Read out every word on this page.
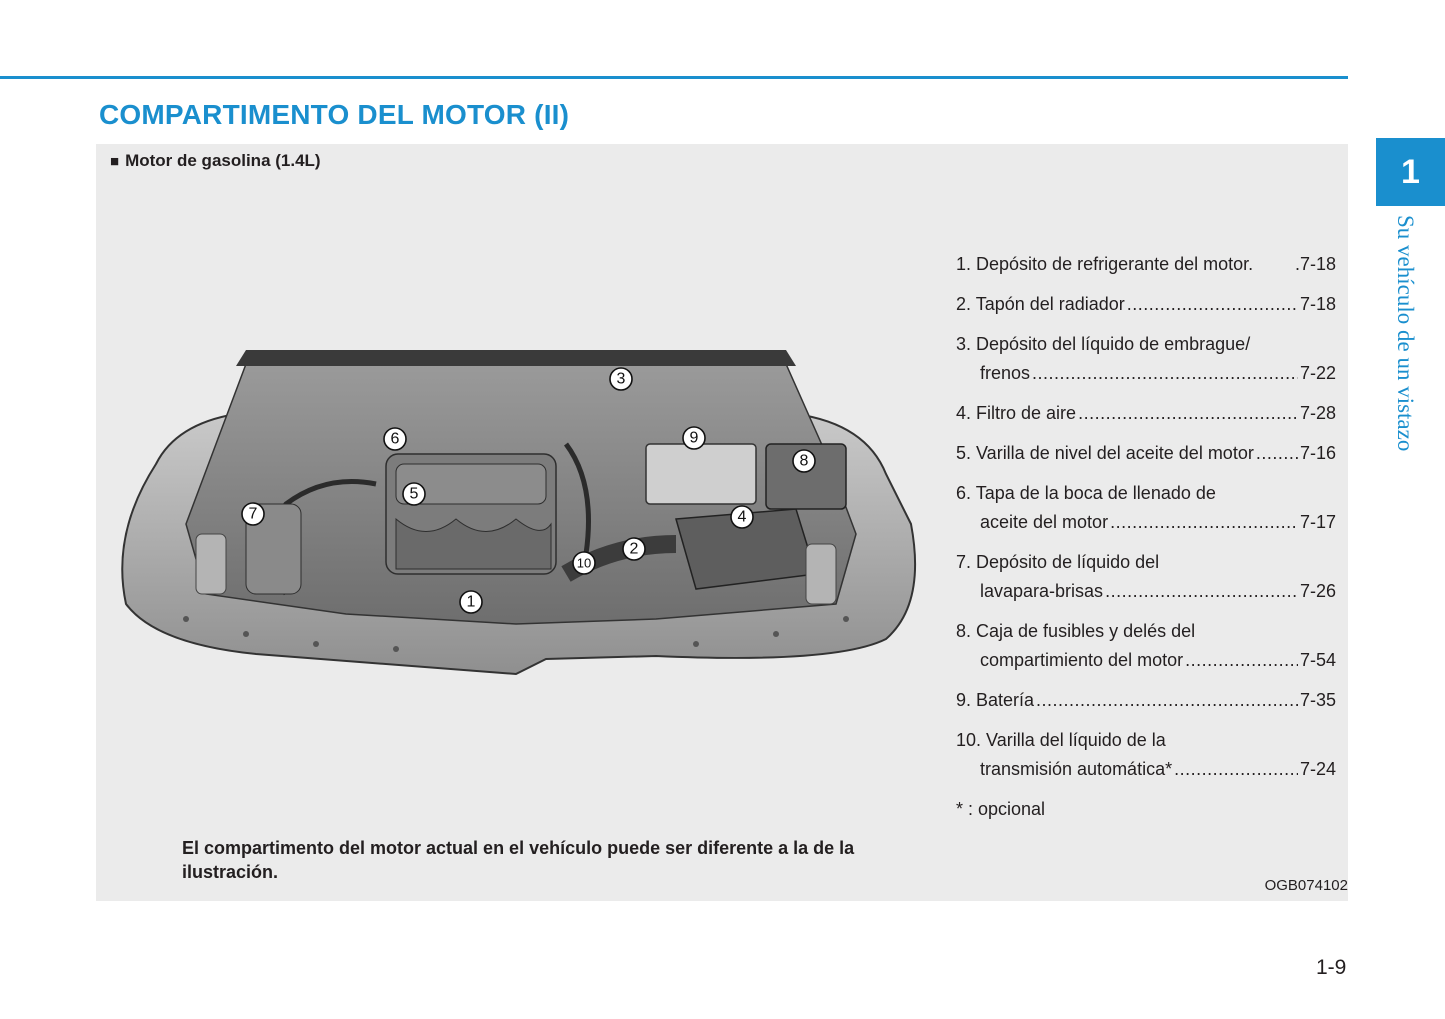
COMPARTIMENTO DEL MOTOR (II)
1
Su vehículo de un vistazo
■ Motor de gasolina (1.4L)
1
2
3
4
5
6
7
8
9
10
1. Depósito de refrigerante del motor. .7-18
2. Tapón del radiador .....	7-18
3. Depósito del líquido de embrague/
frenos .....	7-22
4. Filtro de aire .....	7-28
5. Varilla de nivel del aceite del motor .....	7-16
6. Tapa de la boca de llenado de
aceite del motor .....	7-17
7. Depósito de líquido del
lavapara-brisas .....	7-26
8. Caja de fusibles y delés del
compartimiento del motor .....	7-54
9. Batería .....	7-35
10. Varilla del líquido de la
transmisión automática* .....	7-24
* : opcional
El compartimento del motor actual en el vehículo puede ser diferente a la de la ilustración.
OGB074102
1-9
